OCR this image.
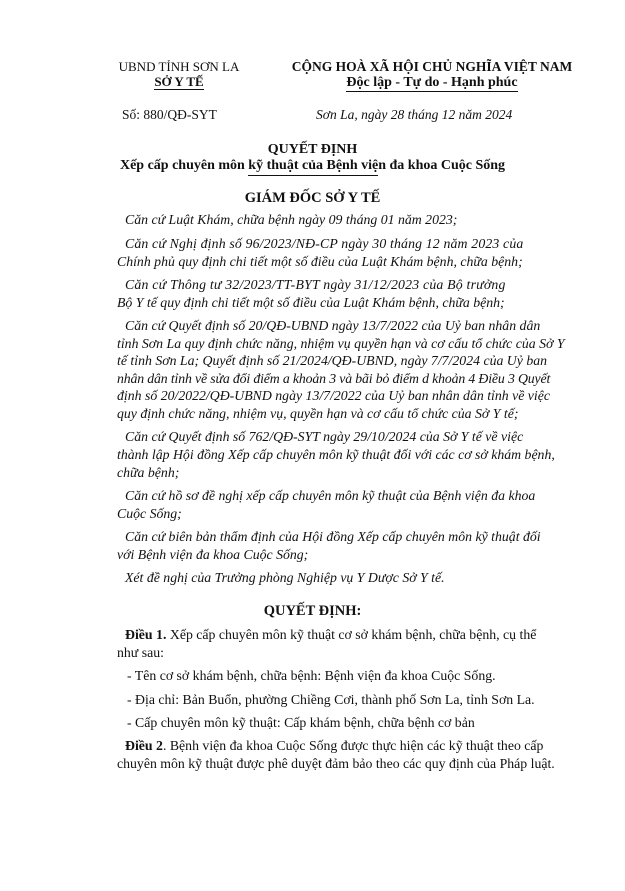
UBND TỈNH SƠN LA
SỞ Y TẾ
CỘNG HOÀ XÃ HỘI CHỦ NGHĨA VIỆT NAM
Độc lập - Tự do - Hạnh phúc
Số: 880/QĐ-SYT	Sơn La, ngày 28 tháng 12 năm 2024
QUYẾT ĐỊNH
Xếp cấp chuyên môn kỹ thuật của Bệnh viện đa khoa Cuộc Sống
GIÁM ĐỐC SỞ Y TẾ
Căn cứ Luật Khám, chữa bệnh ngày 09 tháng 01 năm 2023;
Căn cứ Nghị định số 96/2023/NĐ-CP ngày 30 tháng 12 năm 2023 của
Chính phủ quy định chi tiết một số điều của Luật Khám bệnh, chữa bệnh;
Căn cứ Thông tư 32/2023/TT-BYT ngày 31/12/2023 của Bộ trưởng
Bộ Y tế quy định chi tiết một số điều của Luật Khám bệnh, chữa bệnh;
Căn cứ Quyết định số 20/QĐ-UBND ngày 13/7/2022 của Uỷ ban nhân dân
tỉnh Sơn La quy định chức năng, nhiệm vụ quyền hạn và cơ cấu tổ chức của Sở Y
tế tỉnh Sơn La; Quyết định số 21/2024/QĐ-UBND, ngày 7/7/2024 của Uỷ ban
nhân dân tỉnh về sửa đổi điểm a khoản 3 và bãi bỏ điểm d khoản 4 Điều 3 Quyết
định số 20/2022/QĐ-UBND ngày 13/7/2022 của Uỷ ban nhân dân tỉnh về việc
quy định chức năng, nhiệm vụ, quyền hạn và cơ cấu tổ chức của Sở Y tế;
Căn cứ Quyết định số 762/QĐ-SYT ngày 29/10/2024 của Sở Y tế về việc
thành lập Hội đồng Xếp cấp chuyên môn kỹ thuật đối với các cơ sở khám bệnh,
chữa bệnh;
Căn cứ hồ sơ đề nghị xếp cấp chuyên môn kỹ thuật của Bệnh viện đa khoa
Cuộc Sống;
Căn cứ biên bản thẩm định của Hội đồng Xếp cấp chuyên môn kỹ thuật đối
với Bệnh viện đa khoa Cuộc Sống;
Xét đề nghị của Trưởng phòng Nghiệp vụ Y Dược Sở Y tế.
QUYẾT ĐỊNH:
Điều 1. Xếp cấp chuyên môn kỹ thuật cơ sở khám bệnh, chữa bệnh, cụ thể
như sau:
- Tên cơ sở khám bệnh, chữa bệnh: Bệnh viện đa khoa Cuộc Sống.
- Địa chỉ: Bản Buổn, phường Chiềng Cơi, thành phố Sơn La, tỉnh Sơn La.
- Cấp chuyên môn kỹ thuật: Cấp khám bệnh, chữa bệnh cơ bản
Điều 2. Bệnh viện đa khoa Cuộc Sống được thực hiện các kỹ thuật theo cấp
chuyên môn kỹ thuật được phê duyệt đảm bảo theo các quy định của Pháp luật.
